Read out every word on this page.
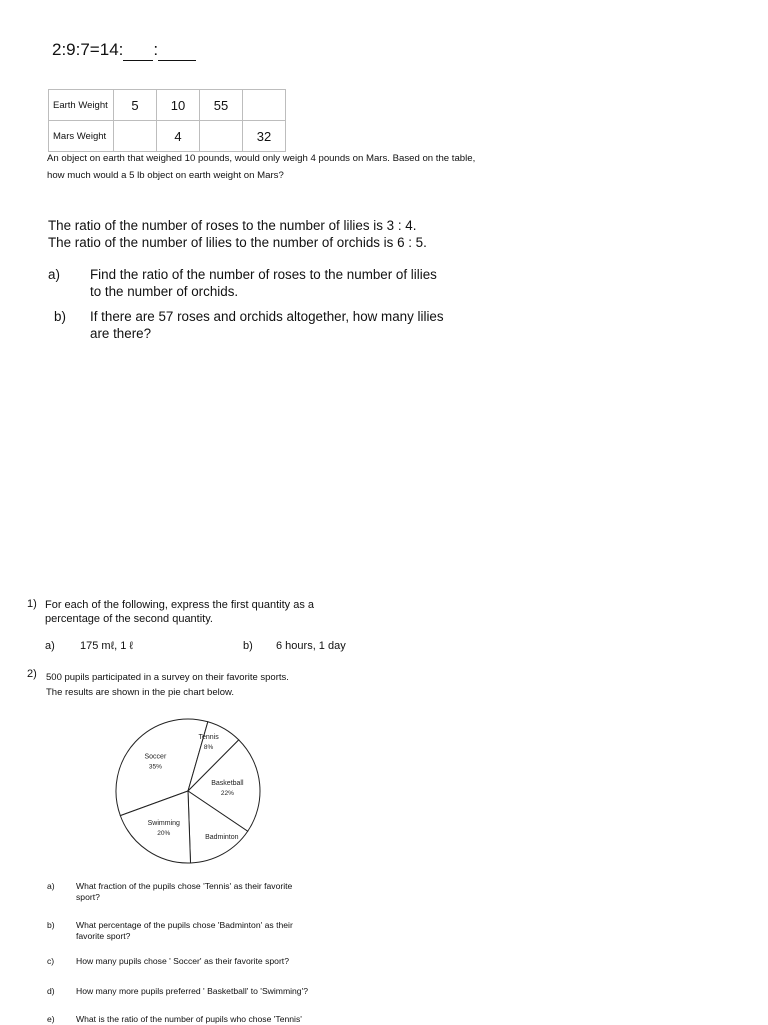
2:9:7=14: :
Earth Weight	5	10	55	
Mars Weight		4		32
An object on earth that weighed 10 pounds, would only weigh 4 pounds on Mars. Based on the table,
how much would a 5 lb object on earth weight on Mars?
The ratio of the number of roses to the number of lilies is 3 : 4.
The ratio of the number of lilies to the number of orchids is 6 : 5.
a) Find the ratio of the number of roses to the number of lilies
to the number of orchids.
b) If there are 57 roses and orchids altogether, how many lilies
are there?
1) For each of the following, express the first quantity as a
percentage of the second quantity.
a) 175 mℓ, 1 ℓ	b) 6 hours, 1 day
2) 500 pupils participated in a survey on their favorite sports.
The results are shown in the pie chart below.
Soccer
35%
Tennis
8%
Basketball
22%
Badminton
Swimming
20%
a) What fraction of the pupils chose 'Tennis' as their favorite
sport?
b) What percentage of the pupils chose 'Badminton' as their
favorite sport?
c)	How many pupils chose ' Soccer' as their favorite sport?
d) How many more pupils preferred ' Basketball' to 'Swimming'?
e) What is the ratio of the number of pupils who chose 'Tennis'
